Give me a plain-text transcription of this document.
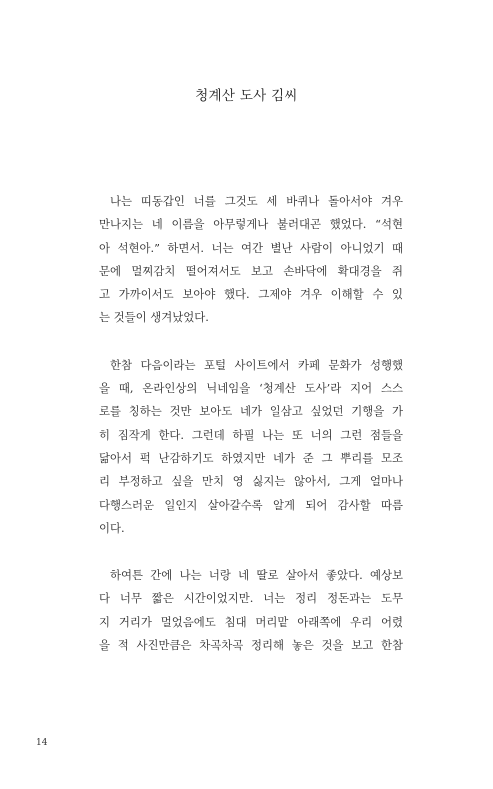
청계산 도사 김씨
나는 띠동갑인 너를 그것도 세 바퀴나 돌아서야 겨우
만나지는 네 이름을 아무렇게나 불러대곤 했었다. “석현
아 석현아.” 하면서. 너는 여간 별난 사람이 아니었기 때
문에 멀찌감치 떨어져서도 보고 손바닥에 확대경을 쥐
고 가까이서도 보아야 했다. 그제야 겨우 이해할 수 있
는 것들이 생겨났었다.
한참 다음이라는 포털 사이트에서 카페 문화가 성행했
을 때, 온라인상의 닉네임을 ‘청계산 도사’라 지어 스스
로를 칭하는 것만 보아도 네가 일삼고 싶었던 기행을 가
히 짐작게 한다. 그런데 하필 나는 또 너의 그런 점들을
닮아서 퍽 난감하기도 하였지만 네가 준 그 뿌리를 모조
리 부정하고 싶을 만치 영 싫지는 않아서, 그게 얼마나
다행스러운 일인지 살아갈수록 알게 되어 감사할 따름
이다.
하여튼 간에 나는 너랑 네 딸로 살아서 좋았다. 예상보
다 너무 짧은 시간이었지만. 너는 정리 정돈과는 도무
지 거리가 멀었음에도 침대 머리맡 아래쪽에 우리 어렸
을 적 사진만큼은 차곡차곡 정리해 놓은 것을 보고 한참
14
